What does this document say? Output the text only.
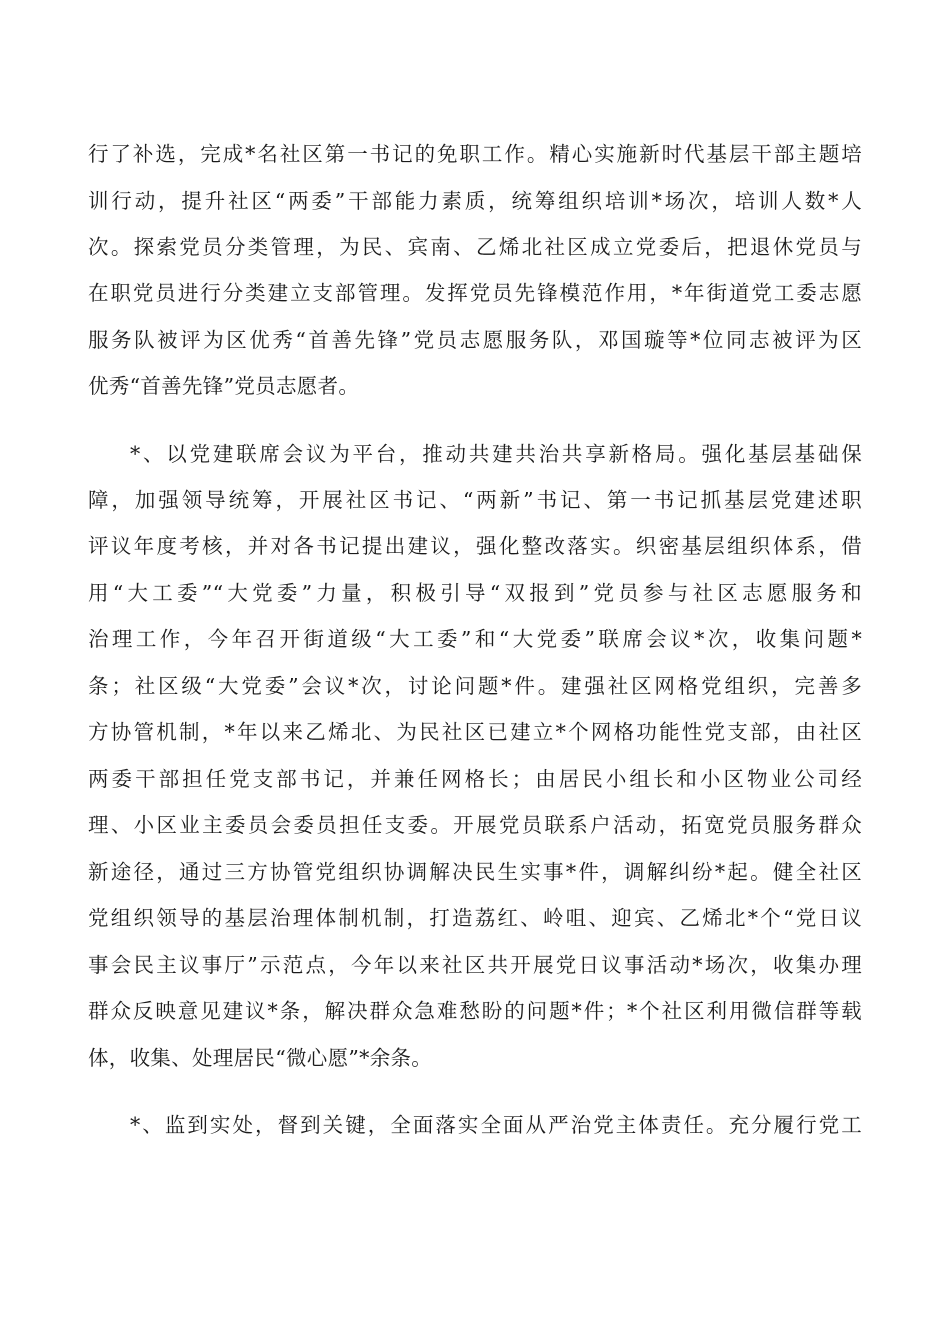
行了补选，完成*名社区第一书记的免职工作。精心实施新时代基层干部主题培
训行动，提升社区“两委”干部能力素质，统筹组织培训*场次，培训人数*人
次。探索党员分类管理，为民、宾南、乙烯北社区成立党委后，把退休党员与
在职党员进行分类建立支部管理。发挥党员先锋模范作用，*年街道党工委志愿
服务队被评为区优秀“首善先锋”党员志愿服务队，邓国璇等*位同志被评为区
优秀“首善先锋”党员志愿者。
*、以党建联席会议为平台，推动共建共治共享新格局。强化基层基础保
障，加强领导统筹，开展社区书记、“两新”书记、第一书记抓基层党建述职
评议年度考核，并对各书记提出建议，强化整改落实。织密基层组织体系，借
用“大工委”“大党委”力量，积极引导“双报到”党员参与社区志愿服务和
治理工作，今年召开街道级“大工委”和“大党委”联席会议*次，收集问题*
条；社区级“大党委”会议*次，讨论问题*件。建强社区网格党组织，完善多
方协管机制，*年以来乙烯北、为民社区已建立*个网格功能性党支部，由社区
两委干部担任党支部书记，并兼任网格长；由居民小组长和小区物业公司经
理、小区业主委员会委员担任支委。开展党员联系户活动，拓宽党员服务群众
新途径，通过三方协管党组织协调解决民生实事*件，调解纠纷*起。健全社区
党组织领导的基层治理体制机制，打造荔红、岭咀、迎宾、乙烯北*个“党日议
事会民主议事厅”示范点，今年以来社区共开展党日议事活动*场次，收集办理
群众反映意见建议*条，解决群众急难愁盼的问题*件；*个社区利用微信群等载
体，收集、处理居民“微心愿”*余条。
*、监到实处，督到关键，全面落实全面从严治党主体责任。充分履行党工
